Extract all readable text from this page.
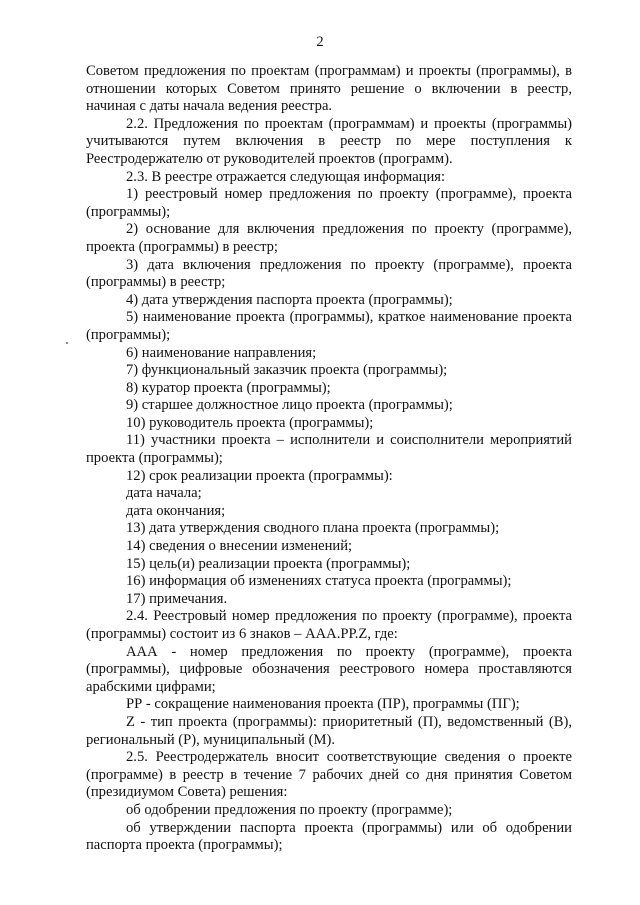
2

Советом предложения по проектам (программам) и проекты (программы), в отношении которых Советом принято решение о включении в реестр, начиная с даты начала ведения реестра.

2.2. Предложения по проектам (программам) и проекты (программы) учитываются путем включения в реестр по мере поступления к Реестродержателю от руководителей проектов (программ).

2.3. В реестре отражается следующая информация:

1) реестровый номер предложения по проекту (программе), проекта (программы);

2) основание для включения предложения по проекту (программе), проекта (программы) в реестр;

3) дата включения предложения по проекту (программе), проекта (программы) в реестр;

4) дата утверждения паспорта проекта (программы);

5) наименование проекта (программы), краткое наименование проекта (программы);

6) наименование направления;

7) функциональный заказчик проекта (программы);

8) куратор проекта (программы);

9) старшее должностное лицо проекта (программы);

10) руководитель проекта (программы);

11) участники проекта – исполнители и соисполнители мероприятий проекта (программы);

12) срок реализации проекта (программы):

дата начала;

дата окончания;

13) дата утверждения сводного плана проекта (программы);

14) сведения о внесении изменений;

15) цель(и) реализации проекта (программы);

16) информация об изменениях статуса проекта (программы);

17) примечания.

2.4. Реестровый номер предложения по проекту (программе), проекта (программы) состоит из 6 знаков – ААА.РР.Z, где:

ААА - номер предложения по проекту (программе), проекта (программы), цифровые обозначения реестрового номера проставляются арабскими цифрами;

РР - сокращение наименования проекта (ПР), программы (ПГ);

Z - тип проекта (программы): приоритетный (П), ведомственный (В), региональный (Р), муниципальный (М).

2.5. Реестродержатель вносит соответствующие сведения о проекте (программе) в реестр в течение 7 рабочих дней со дня принятия Советом (президиумом Совета) решения:

об одобрении предложения по проекту (программе);

об утверждении паспорта проекта (программы) или об одобрении паспорта проекта (программы);
